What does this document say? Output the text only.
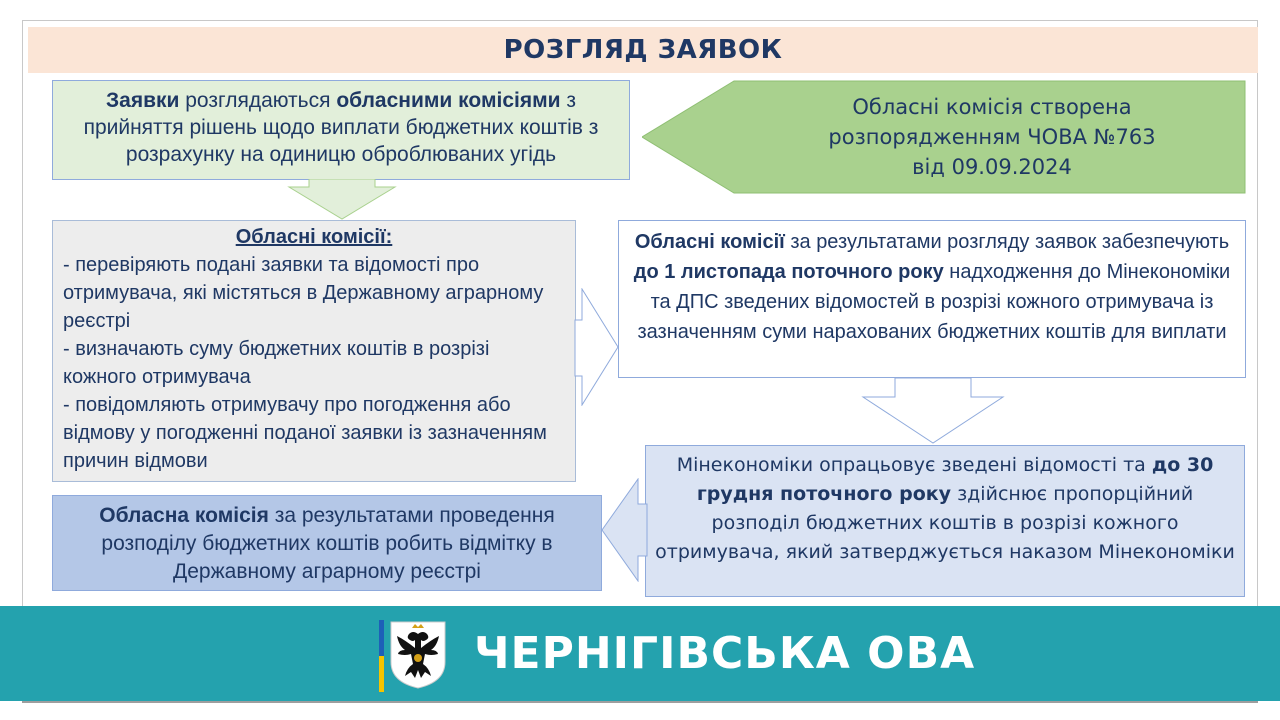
РОЗГЛЯД ЗАЯВОК
Заявки розглядаються обласними комісіями з прийняття рішень щодо виплати бюджетних коштів з розрахунку на одиницю оброблюваних угідь
Обласні комісія створена
розпорядженням ЧОВА №763
від 09.09.2024
Обласні комісії:
- перевіряють подані заявки та відомості про отримувача, які містяться в Державному аграрному реєстрі
- визначають суму бюджетних коштів в розрізі кожного отримувача
- повідомляють отримувачу про погодження або відмову у погодженні поданої заявки із зазначенням причин відмови
Обласні комісії за результатами розгляду заявок забезпечують до 1 листопада поточного року надходження до Мінекономіки та ДПС зведених відомостей в розрізі кожного отримувача із зазначенням суми нарахованих бюджетних коштів для виплати
Мінекономіки опрацьовує зведені відомості та до 30 грудня поточного року здійснює пропорційний розподіл бюджетних коштів в розрізі кожного отримувача, який затверджується наказом Мінекономіки
Обласна комісія за результатами проведення розподілу бюджетних коштів робить відмітку в Державному аграрному реєстрі
ЧЕРНІГІВСЬКА ОВА
